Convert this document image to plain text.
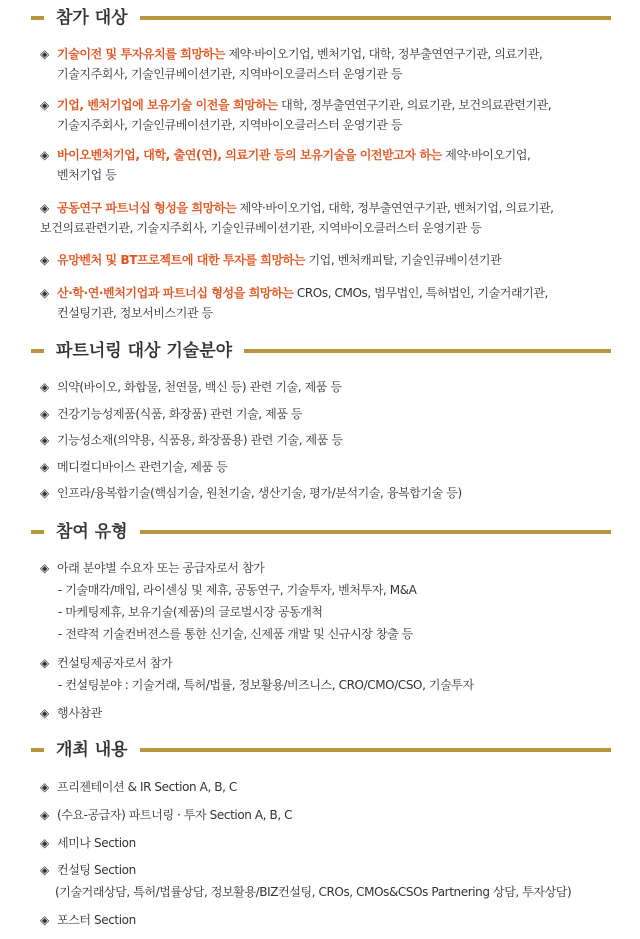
참가 대상
◈ 기술이전 및 투자유치를 희망하는 제약·바이오기업, 벤처기업, 대학, 정부출연연구기관, 의료기관,
기술지주회사, 기술인큐베이션기관, 지역바이오클러스터 운영기관 등
◈ 기업, 벤처기업에 보유기술 이전을 희망하는 대학, 정부출연연구기관, 의료기관, 보건의료관련기관,
기술지주회사, 기술인큐베이션기관, 지역바이오클러스터 운영기관 등
◈ 바이오벤처기업, 대학, 출연(연), 의료기관 등의 보유기술을 이전받고자 하는 제약·바이오기업,
벤처기업 등
◈ 공동연구 파트너십 형성을 희망하는 제약·바이오기업, 대학, 정부출연연구기관, 벤처기업, 의료기관,
보건의료관련기관, 기술지주회사, 기술인큐베이션기관, 지역바이오클러스터 운영기관 등
◈ 유망벤처 및 BT프로젝트에 대한 투자를 희망하는 기업, 벤처캐피탈, 기술인큐베이션기관
◈ 산·학·연·벤처기업과 파트너십 형성을 희망하는 CROs, CMOs, 법무법인, 특허법인, 기술거래기관,
컨설팅기관, 정보서비스기관 등
파트너링 대상 기술분야
◈ 의약(바이오, 화합물, 천연물, 백신 등) 관련 기술, 제품 등
◈ 건강기능성제품(식품, 화장품) 관련 기술, 제품 등
◈ 기능성소재(의약용, 식품용, 화장품용) 관련 기술, 제품 등
◈ 메디컬디바이스 관련기술, 제품 등
◈ 인프라/융복합기술(핵심기술, 원천기술, 생산기술, 평가/분석기술, 융복합기술 등)
참여 유형
◈ 아래 분야별 수요자 또는 공급자로서 참가
- 기술매각/매입, 라이센싱 및 제휴, 공동연구, 기술투자, 벤처투자, M&A
- 마케팅제휴, 보유기술(제품)의 글로벌시장 공동개척
- 전략적 기술컨버젼스를 통한 신기술, 신제품 개발 및 신규시장 창출 등
◈ 컨설팅제공자로서 참가
- 컨설팅분야 : 기술거래, 특허/법률, 정보활용/비즈니스, CRO/CMO/CSO, 기술투자
◈ 행사참관
개최 내용
◈ 프리젠테이션 & IR Section A, B, C
◈ (수요-공급자) 파트너링 · 투자 Section A, B, C
◈ 세미나 Section
◈ 컨설팅 Section
(기술거래상담, 특허/법률상담, 정보활용/BIZ컨설팅, CROs, CMOs&CSOs Partnering 상담, 투자상담)
◈ 포스터 Section
